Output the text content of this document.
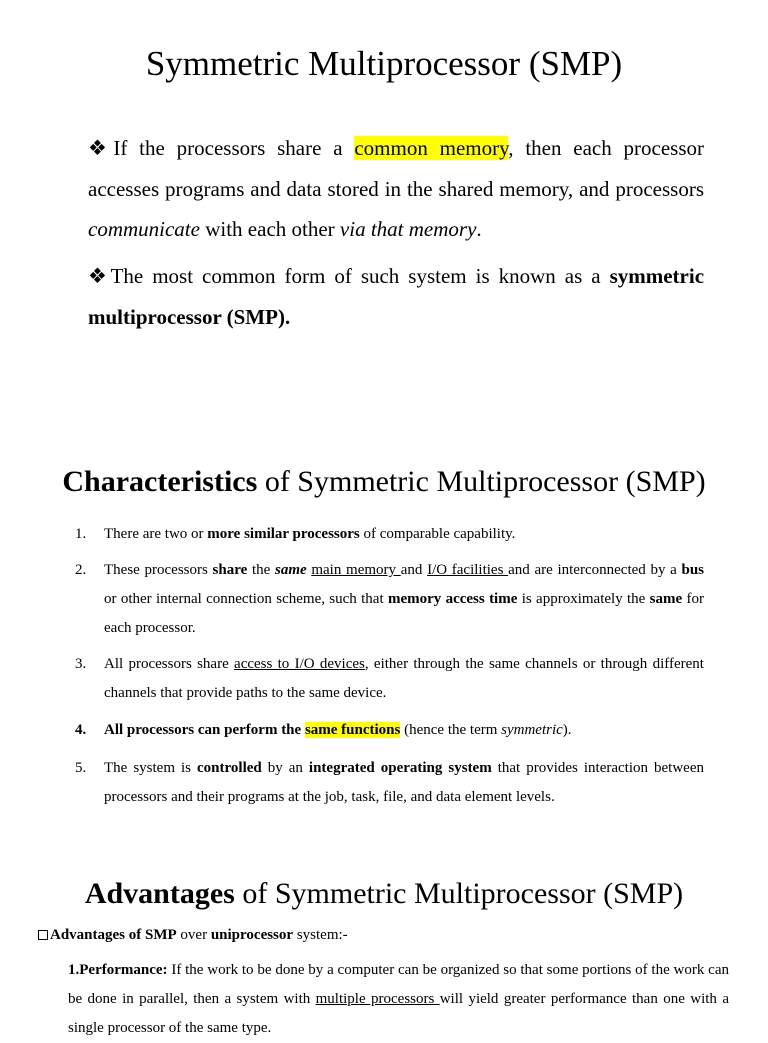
Symmetric Multiprocessor (SMP)
❖If the processors share a common memory, then each processor accesses programs and data stored in the shared memory, and processors communicate with each other via that memory.
❖The most common form of such system is known as a symmetric multiprocessor (SMP).
Characteristics of Symmetric Multiprocessor (SMP)
1.	There are two or more similar processors of comparable capability.
2.	These processors share the same main memory and I/O facilities and are interconnected by a bus or other internal connection scheme, such that memory access time is approximately the same for each processor.
3.	All processors share access to I/O devices, either through the same channels or through different channels that provide paths to the same device.
4.	All processors can perform the same functions (hence the term symmetric).
5.	The system is controlled by an integrated operating system that provides interaction between processors and their programs at the job, task, file, and data element levels.
Advantages of Symmetric Multiprocessor (SMP)
Advantages of SMP over uniprocessor system:-
1.Performance: If the work to be done by a computer can be organized so that some portions of the work can be done in parallel, then a system with multiple processors will yield greater performance than one with a single processor of the same type.
